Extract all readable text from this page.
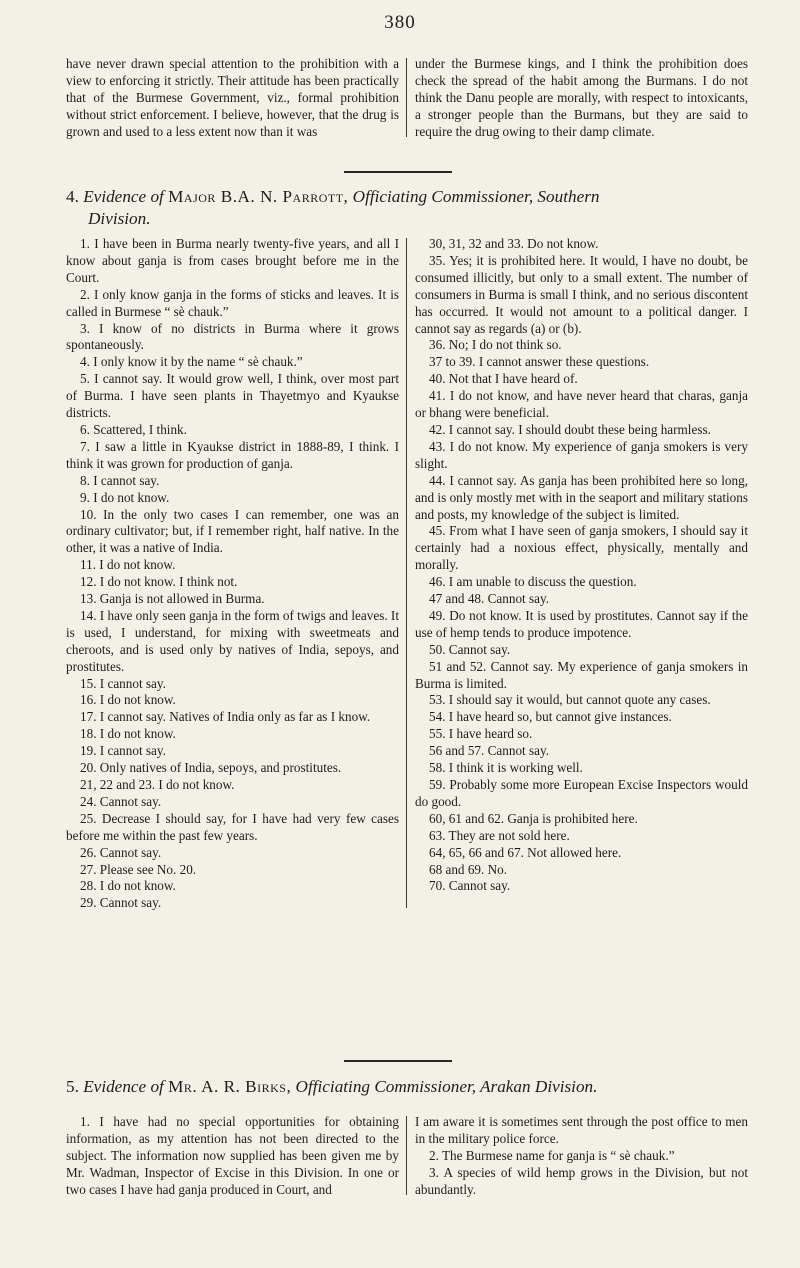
380

have never drawn special attention to the prohibition with a view to enforcing it strictly. Their attitude has been practically that of the Burmese Government, viz., formal prohibition without strict enforcement. I believe, however, that the drug is grown and used to a less extent now than it was

under the Burmese kings, and I think the prohibition does check the spread of the habit among the Burmans. I do not think the Danu people are morally, with respect to intoxicants, a stronger people than the Burmans, but they are said to require the drug owing to their damp climate.

4. Evidence of Major B.A. N. Parrott, Officiating Commissioner, Southern
Division.

1. I have been in Burma nearly twenty-five years, and all I know about ganja is from cases brought before me in the Court.

2. I only know ganja in the forms of sticks and leaves. It is called in Burmese “ sè chauk.”

3. I know of no districts in Burma where it grows spontaneously.

4. I only know it by the name “ sè chauk.”

5. I cannot say. It would grow well, I think, over most part of Burma. I have seen plants in Thayetmyo and Kyaukse districts.

6. Scattered, I think.

7. I saw a little in Kyaukse district in 1888-89, I think. I think it was grown for production of ganja.

8. I cannot say.

9. I do not know.

10. In the only two cases I can remember, one was an ordinary cultivator; but, if I remember right, half native. In the other, it was a native of India.

11. I do not know.

12. I do not know. I think not.

13. Ganja is not allowed in Burma.

14. I have only seen ganja in the form of twigs and leaves. It is used, I understand, for mixing with sweetmeats and cheroots, and is used only by natives of India, sepoys, and prostitutes.

15. I cannot say.

16. I do not know.

17. I cannot say. Natives of India only as far as I know.

18. I do not know.

19. I cannot say.

20. Only natives of India, sepoys, and prostitutes.

21, 22 and 23. I do not know.

24. Cannot say.

25. Decrease I should say, for I have had very few cases before me within the past few years.

26. Cannot say.

27. Please see No. 20.

28. I do not know.

29. Cannot say.

30, 31, 32 and 33. Do not know.

35. Yes; it is prohibited here. It would, I have no doubt, be consumed illicitly, but only to a small extent. The number of consumers in Burma is small I think, and no serious discontent has occurred. It would not amount to a political danger. I cannot say as regards (a) or (b).

36. No; I do not think so.

37 to 39. I cannot answer these questions.

40. Not that I have heard of.

41. I do not know, and have never heard that charas, ganja or bhang were beneficial.

42. I cannot say. I should doubt these being harmless.

43. I do not know. My experience of ganja smokers is very slight.

44. I cannot say. As ganja has been prohibited here so long, and is only mostly met with in the seaport and military stations and posts, my knowledge of the subject is limited.

45. From what I have seen of ganja smokers, I should say it certainly had a noxious effect, physically, mentally and morally.

46. I am unable to discuss the question.

47 and 48. Cannot say.

49. Do not know. It is used by prostitutes. Cannot say if the use of hemp tends to produce impotence.

50. Cannot say.

51 and 52. Cannot say. My experience of ganja smokers in Burma is limited.

53. I should say it would, but cannot quote any cases.

54. I have heard so, but cannot give instances.

55. I have heard so.

56 and 57. Cannot say.

58. I think it is working well.

59. Probably some more European Excise Inspectors would do good.

60, 61 and 62. Ganja is prohibited here.

63. They are not sold here.

64, 65, 66 and 67. Not allowed here.

68 and 69. No.

70. Cannot say.

5. Evidence of Mr. A. R. Birks, Officiating Commissioner, Arakan Division.

1. I have had no special opportunities for obtaining information, as my attention has not been directed to the subject. The information now supplied has been given me by Mr. Wadman, Inspector of Excise in this Division. In one or two cases I have had ganja produced in Court, and

I am aware it is sometimes sent through the post office to men in the military police force.

2. The Burmese name for ganja is “ sè chauk.”

3. A species of wild hemp grows in the Division, but not abundantly.
